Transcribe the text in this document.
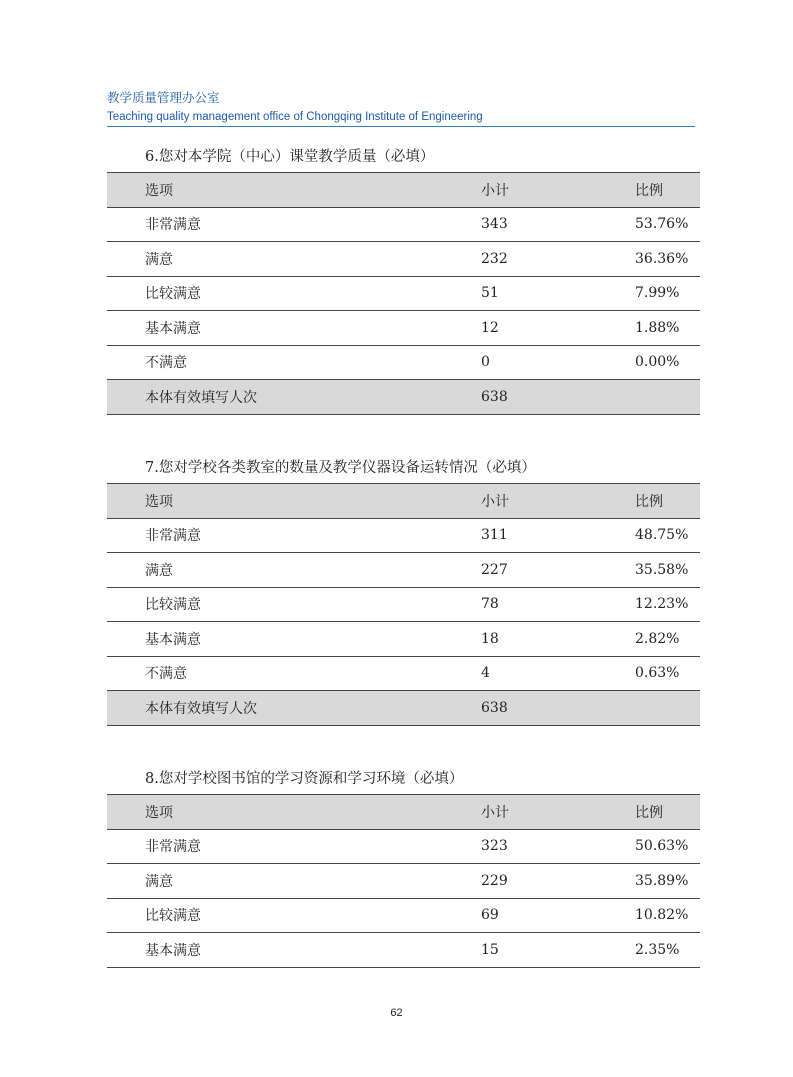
教学质量管理办公室
Teaching quality management office of Chongqing Institute of Engineering
6.您对本学院（中心）课堂教学质量（必填）
选项	小计	比例
非常满意	343	53.76%
满意	232	36.36%
比较满意	51	7.99%
基本满意	12	1.88%
不满意	0	0.00%
本体有效填写人次	638	
7.您对学校各类教室的数量及教学仪器设备运转情况（必填）
选项	小计	比例
非常满意	311	48.75%
满意	227	35.58%
比较满意	78	12.23%
基本满意	18	2.82%
不满意	4	0.63%
本体有效填写人次	638	
8.您对学校图书馆的学习资源和学习环境（必填）
选项	小计	比例
非常满意	323	50.63%
满意	229	35.89%
比较满意	69	10.82%
基本满意	15	2.35%
62
